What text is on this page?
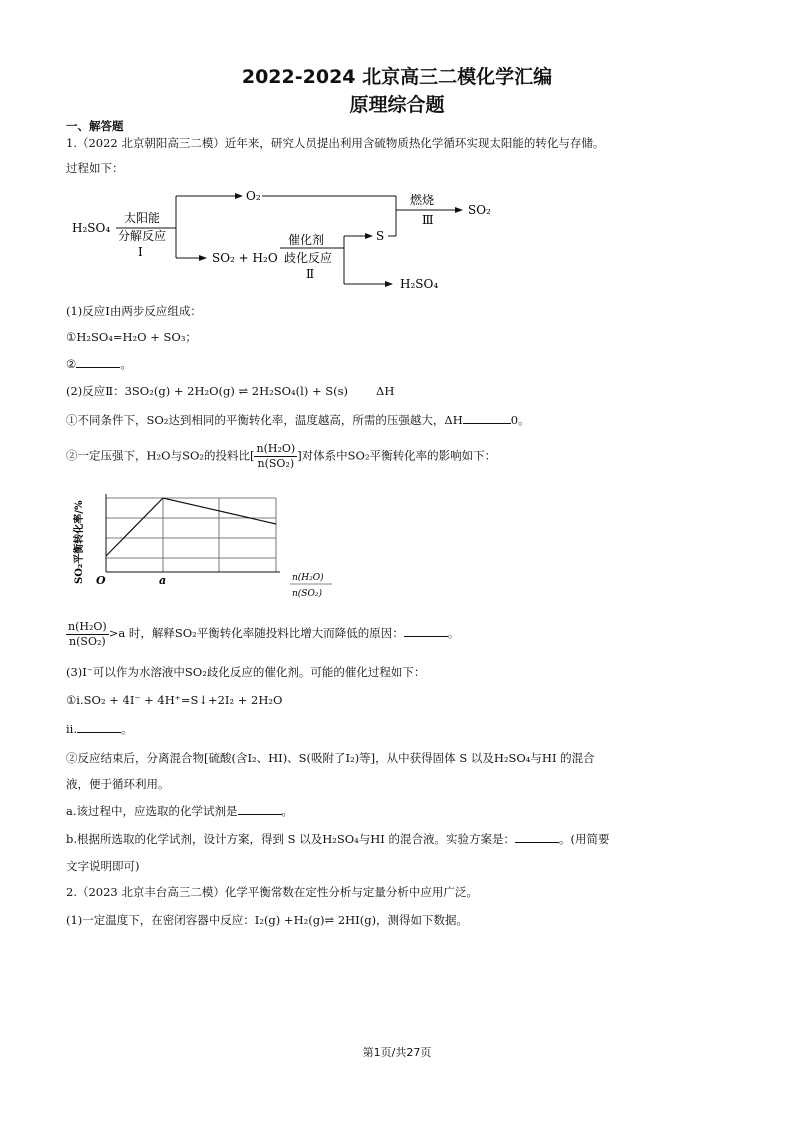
2022-2024 北京高三二模化学汇编
原理综合题
一、解答题
1.（2022 北京朝阳高三二模）近年来，研究人员提出利用含硫物质热化学循环实现太阳能的转化与存储。
过程如下：
H₂SO₄
太阳能
分解反应
Ⅰ
O₂
SO₂ + H₂O
催化剂
歧化反应
Ⅱ
S
燃烧
Ⅲ
SO₂
H₂SO₄
(1)反应Ⅰ由两步反应组成：
①H₂SO₄=H₂O + SO₃；
②	。
(2)反应Ⅱ：3SO₂(g) + 2H₂O(g) ⇌ 2H₂SO₄(l) + S(s) ΔH
①不同条件下，SO₂达到相同的平衡转化率，温度越高，所需的压强越大，ΔH	0。
②一定压强下，H₂O与SO₂的投料比[ $\frac{\text{n(H₂O)}}{\text{n(SO₂)}}$ ]对体系中SO₂平衡转化率的影响如下：
SO₂平衡转化率/% O	a	n(H₂O)
n(SO₂)
$\frac{\text{n(H₂O)}}{\text{n(SO₂)}} >a$ 时，解释SO₂平衡转化率随投料比增大而降低的原因：	。
(3)I⁻可以作为水溶液中SO₂歧化反应的催化剂。可能的催化过程如下：
①i.SO₂ + 4I⁻ + 4H⁺=S↓+2I₂ + 2H₂O
ii.	。
②反应结束后，分离混合物[硫酸(含I₂、HI)、S(吸附了I₂)等]，从中获得固体 S 以及H₂SO₄与HI 的混合
液，便于循环利用。
a.该过程中，应选取的化学试剂是	。
b.根据所选取的化学试剂，设计方案，得到 S 以及H₂SO₄与HI 的混合液。实验方案是：	。(用简要
文字说明即可)
2.（2023 北京丰台高三二模）化学平衡常数在定性分析与定量分析中应用广泛。
(1)一定温度下，在密闭容器中反应：I₂(g) +H₂(g)⇌ 2HI(g)，测得如下数据。
第1页/共27页
